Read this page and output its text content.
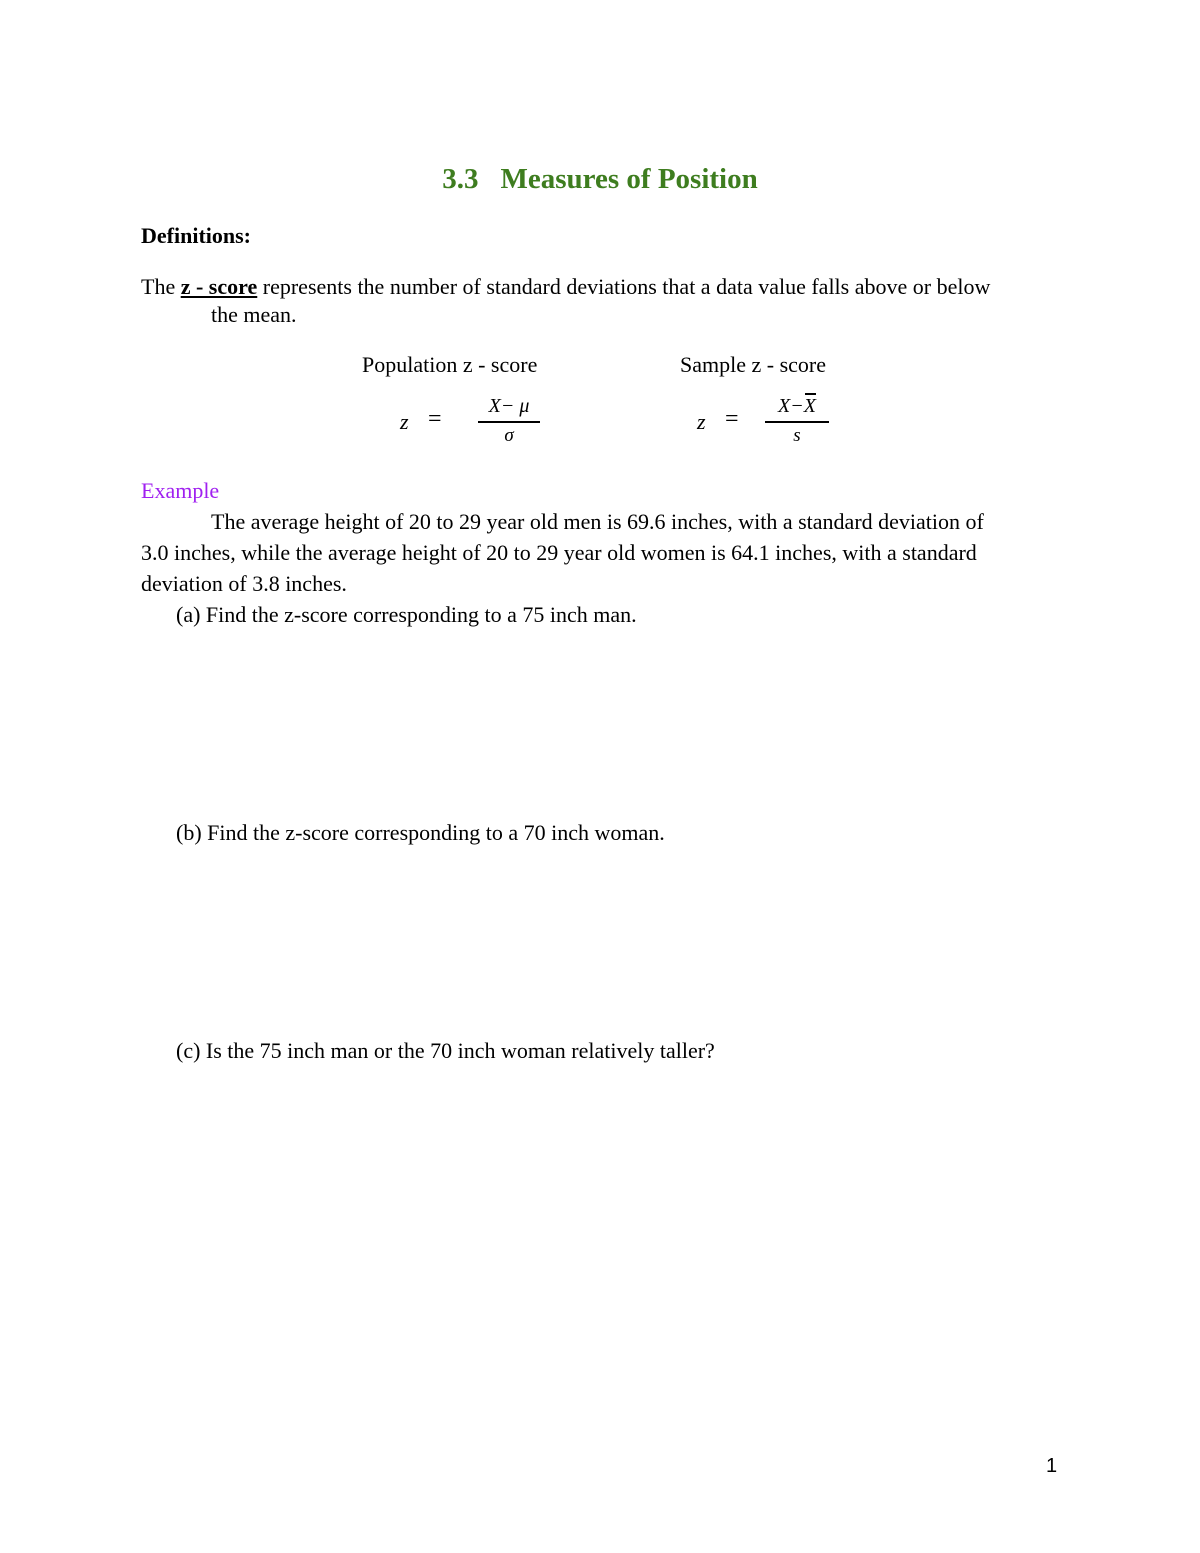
3.3 Measures of Position
Definitions:
The z - score represents the number of standard deviations that a data value falls above or below
the mean.
Population z - score	Sample z - score
z =	X− μ
σ
z =	X−X
s
Example
The average height of 20 to 29 year old men is 69.6 inches, with a standard deviation of
3.0 inches, while the average height of 20 to 29 year old women is 64.1 inches, with a standard
deviation of 3.8 inches.
(a) Find the z-score corresponding to a 75 inch man.
(b) Find the z-score corresponding to a 70 inch woman.
(c) Is the 75 inch man or the 70 inch woman relatively taller?
1
